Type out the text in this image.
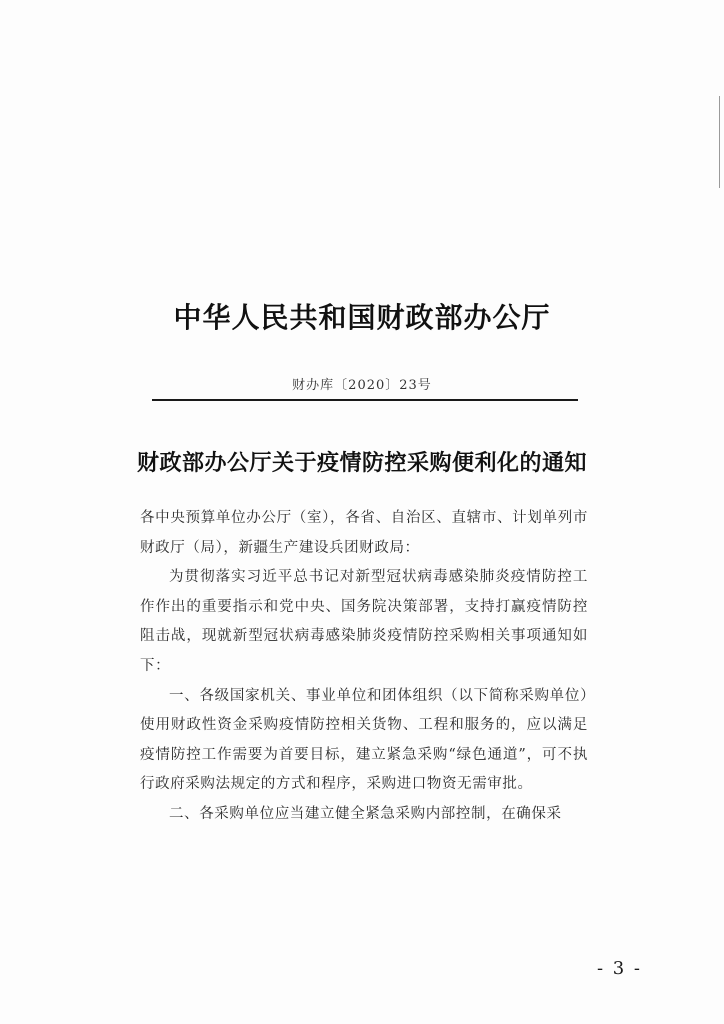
中华人民共和国财政部办公厅
财办库〔2020〕23号
财政部办公厅关于疫情防控采购便利化的通知

各中央预算单位办公厅（室），各省、自治区、直辖市、计划单列市财政厅（局），新疆生产建设兵团财政局：

为贯彻落实习近平总书记对新型冠状病毒感染肺炎疫情防控工作作出的重要指示和党中央、国务院决策部署，支持打赢疫情防控阻击战，现就新型冠状病毒感染肺炎疫情防控采购相关事项通知如下：

一、各级国家机关、事业单位和团体组织（以下简称采购单位）使用财政性资金采购疫情防控相关货物、工程和服务的，应以满足疫情防控工作需要为首要目标，建立紧急采购“绿色通道”，可不执行政府采购法规定的方式和程序，采购进口物资无需审批。

二、各采购单位应当建立健全紧急采购内部控制，在确保采

- 3 -
